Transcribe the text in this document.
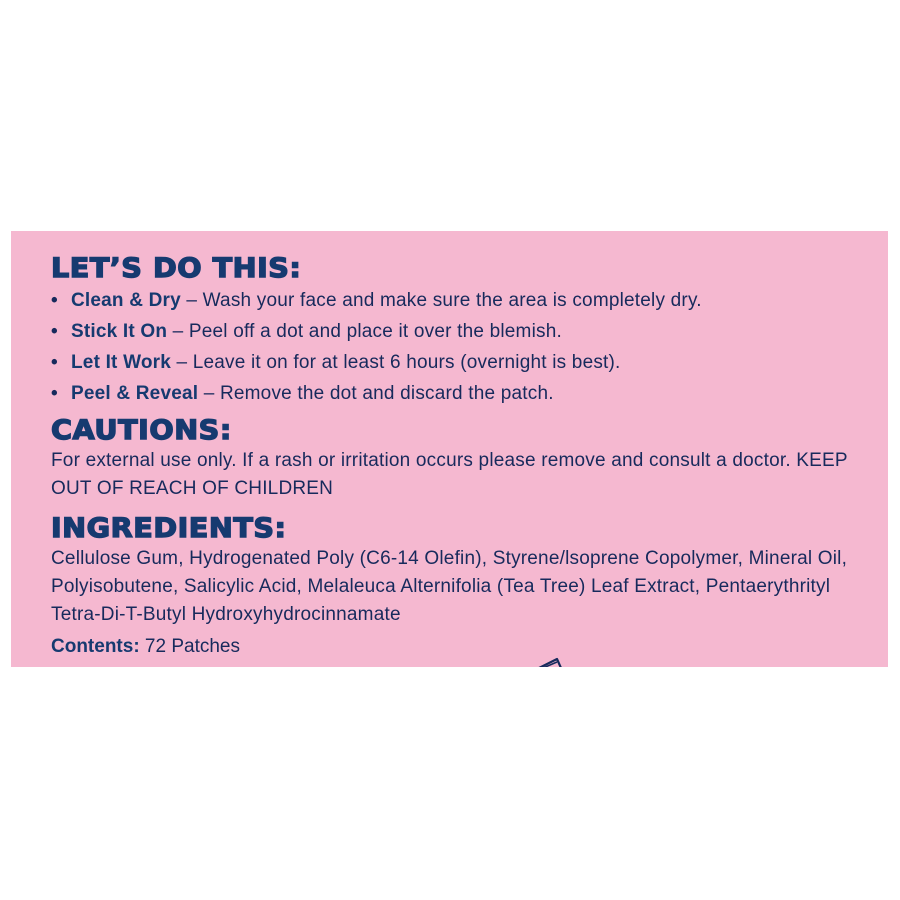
LET’S DO THIS:
• Clean & Dry – Wash your face and make sure the area is completely dry.
• Stick It On – Peel off a dot and place it over the blemish.
• Let It Work – Leave it on for at least 6 hours (overnight is best).
• Peel & Reveal – Remove the dot and discard the patch.
CAUTIONS:

For external use only. If a rash or irritation occurs please remove and consult a doctor. KEEP OUT OF REACH OF CHILDREN

INGREDIENTS:

Cellulose Gum, Hydrogenated Poly (C6-14 Olefin), Styrene/lsoprene Copolymer, Mineral Oil, Polyisobutene, Salicylic Acid, Melaleuca Alternifolia (Tea Tree) Leaf Extract, Pentaerythrityl Tetra-Di-T-Butyl Hydroxyhydrocinnamate

Contents: 72 Patches
